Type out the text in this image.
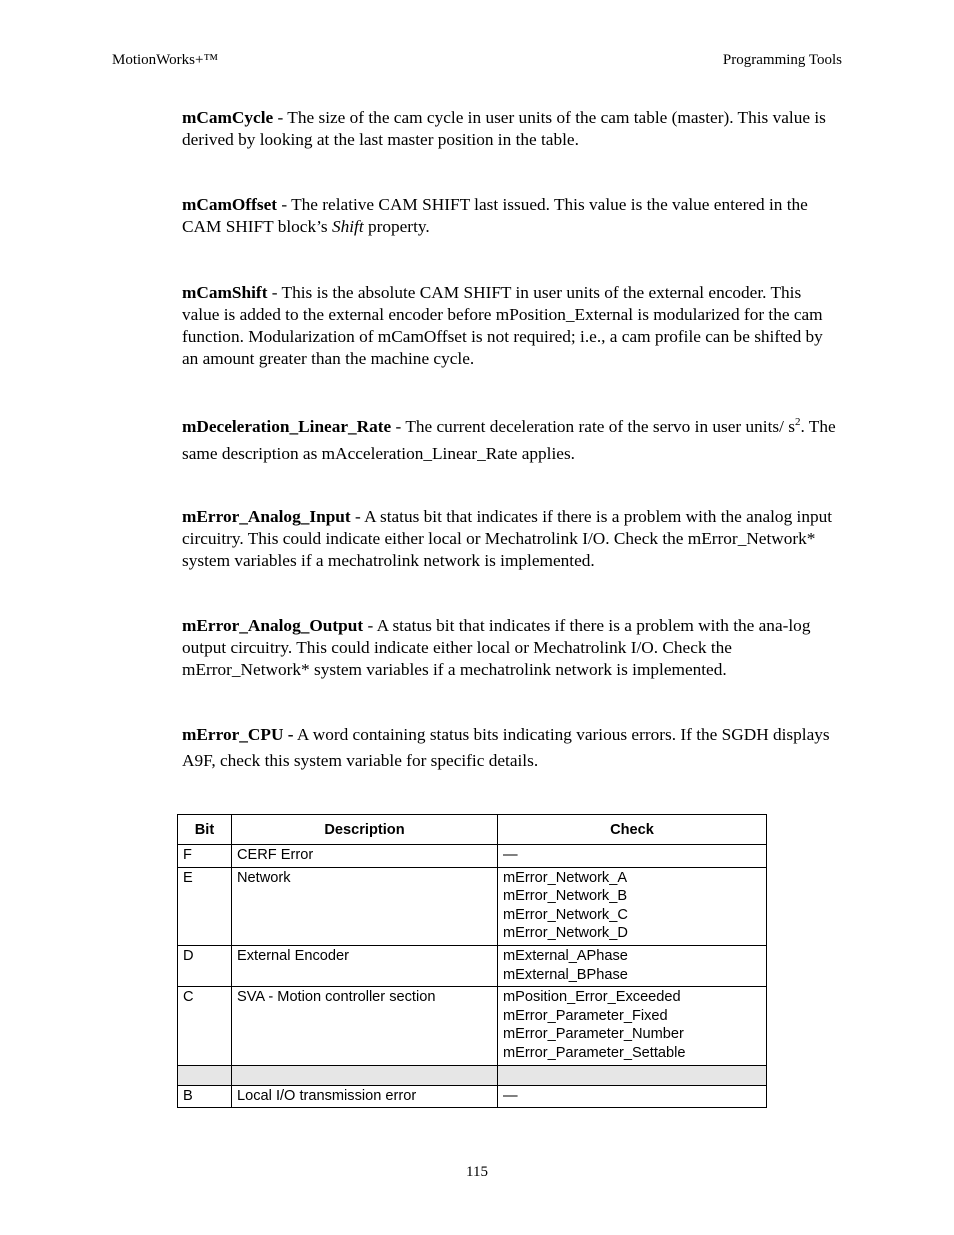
MotionWorks+™	Programming Tools
mCamCycle - The size of the cam cycle in user units of the cam table (master). This value is derived by looking at the last master position in the table.
mCamOffset - The relative CAM SHIFT last issued. This value is the value entered in the CAM SHIFT block’s Shift property.
mCamShift - This is the absolute CAM SHIFT in user units of the external encoder. This value is added to the external encoder before mPosition_External is modularized for the cam function. Modularization of mCamOffset is not required; i.e., a cam profile can be shifted by an amount greater than the machine cycle.
mDeceleration_Linear_Rate - The current deceleration rate of the servo in user units/ $s^2$. The same description as mAcceleration_Linear_Rate applies.
mError_Analog_Input - A status bit that indicates if there is a problem with the analog input circuitry. This could indicate either local or Mechatrolink I/O. Check the mError_Network* system variables if a mechatrolink network is implemented.
mError_Analog_Output - A status bit that indicates if there is a problem with the ana-log output circuitry. This could indicate either local or Mechatrolink I/O. Check the mError_Network* system variables if a mechatrolink network is implemented.
mError_CPU - A word containing status bits indicating various errors. If the SGDH displays A9F, check this system variable for specific details.
Bit	Description	Check
F	CERF Error	—

E	Network	mError_Network_A
mError_Network_B
mError_Network_C
mError_Network_D

D	External Encoder	mExternal_APhase
mExternal_BPhase

C	SVA - Motion controller section	mPosition_Error_Exceeded
mError_Parameter_Fixed
mError_Parameter_Number
mError_Parameter_Settable

B	Local I/O transmission error	—
115
